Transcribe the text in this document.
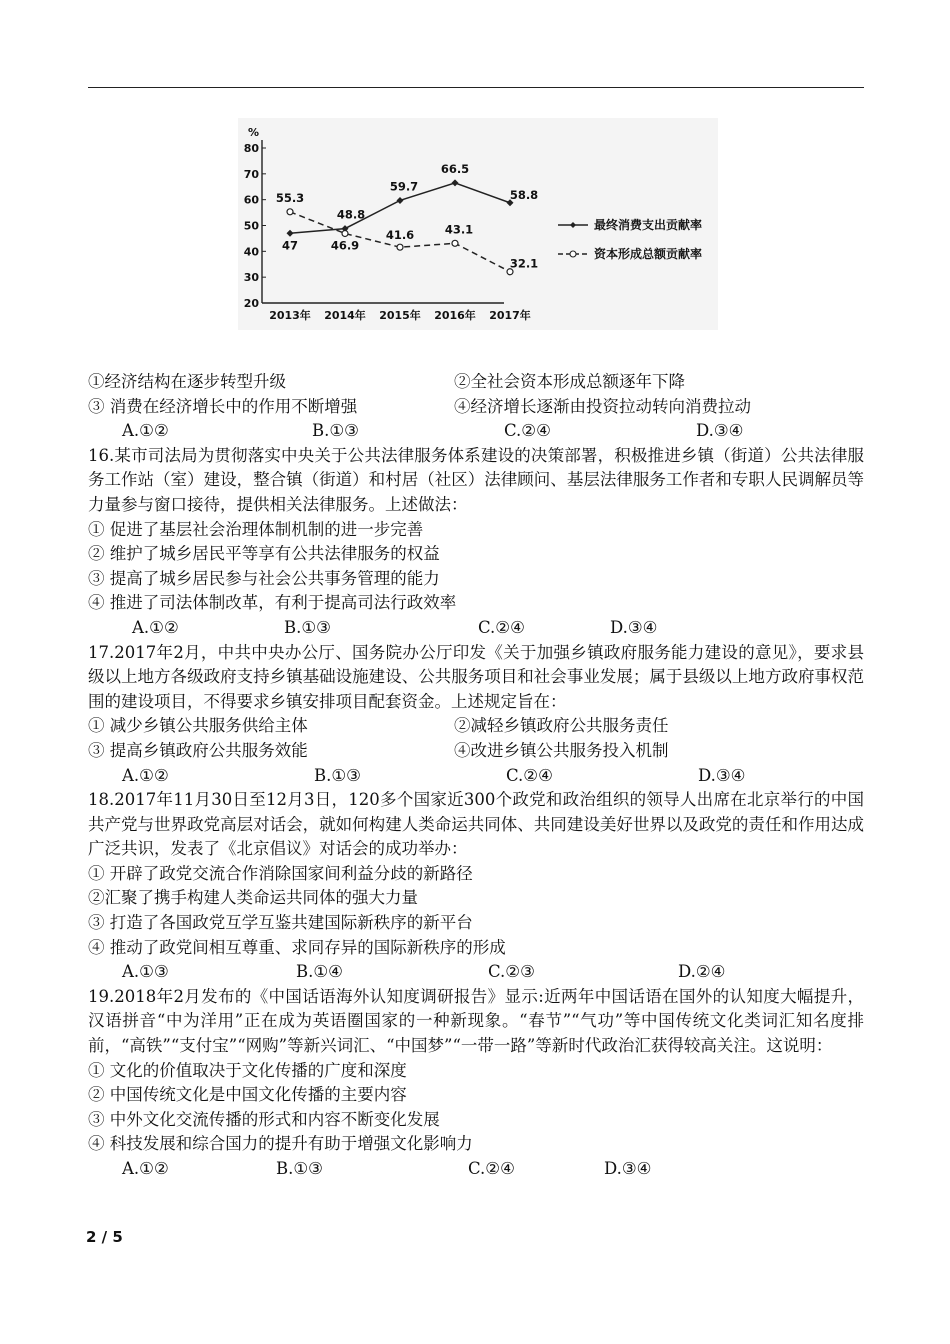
%
20
30
40
50
60
70
80
2013年 2014年 2015年 2016年 2017年
47
48.8
59.7
66.5
58.8
最终消费支出贡献率
55.3
46.9
41.6	43.1
32.1
资本形成总额贡献率
①经济结构在逐步转型升级	②全社会资本形成总额逐年下降
③ 消费在经济增长中的作用不断增强	④经济增长逐渐由投资拉动转向消费拉动
A.①②	B.①③	C.②④	D.③④
16.某市司法局为贯彻落实中央关于公共法律服务体系建设的决策部署，积极推进乡镇（街道）公共法律服务工作站（室）建设，整合镇（街道）和村居（社区）法律顾问、基层法律服务工作者和专职人民调解员等力量参与窗口接待，提供相关法律服务。上述做法：
① 促进了基层社会治理体制机制的进一步完善
② 维护了城乡居民平等享有公共法律服务的权益
③ 提高了城乡居民参与社会公共事务管理的能力
④ 推进了司法体制改革，有利于提高司法行政效率
A.①②	B.①③	C.②④	D.③④
17.2017年2月，中共中央办公厅、国务院办公厅印发《关于加强乡镇政府服务能力建设的意见》，要求县级以上地方各级政府支持乡镇基础设施建设、公共服务项目和社会事业发展；属于县级以上地方政府事权范围的建设项目，不得要求乡镇安排项目配套资金。上述规定旨在：
① 减少乡镇公共服务供给主体	②减轻乡镇政府公共服务责任
③ 提高乡镇政府公共服务效能	④改进乡镇公共服务投入机制
A.①②	B.①③	C.②④	D.③④
18.2017年11月30日至12月3日，120多个国家近300个政党和政治组织的领导人出席在北京举行的中国共产党与世界政党高层对话会，就如何构建人类命运共同体、共同建设美好世界以及政党的责任和作用达成广泛共识，发表了《北京倡议》对话会的成功举办：
① 开辟了政党交流合作消除国家间利益分歧的新路径
②汇聚了携手构建人类命运共同体的强大力量
③ 打造了各国政党互学互鉴共建国际新秩序的新平台
④ 推动了政党间相互尊重、求同存异的国际新秩序的形成
A.①③	B.①④	C.②③	D.②④
19.2018年2月发布的《中国话语海外认知度调研报告》显示:近两年中国话语在国外的认知度大幅提升，汉语拼音“中为洋用”正在成为英语圈国家的一种新现象。“春节”“气功”等中国传统文化类词汇知名度排前，“高铁”“支付宝”“网购”等新兴词汇、“中国梦”“一带一路”等新时代政治汇获得较高关注。这说明：
① 文化的价值取决于文化传播的广度和深度
② 中国传统文化是中国文化传播的主要内容
③ 中外文化交流传播的形式和内容不断变化发展
④ 科技发展和综合国力的提升有助于增强文化影响力
A.①②	B.①③	C.②④	D.③④
2 / 5
